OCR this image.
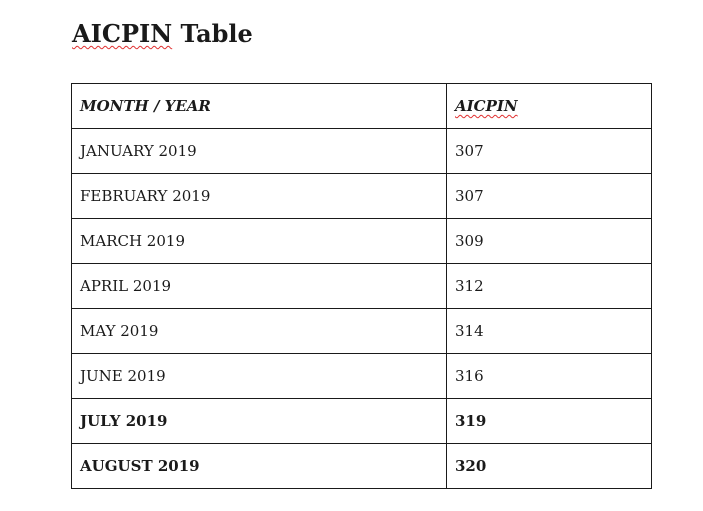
AICPIN Table
MONTH / YEAR	AICPIN
JANUARY 2019	307
FEBRUARY 2019	307
MARCH 2019	309
APRIL 2019	312
MAY 2019	314
JUNE 2019	316
JULY 2019	319
AUGUST 2019	320
